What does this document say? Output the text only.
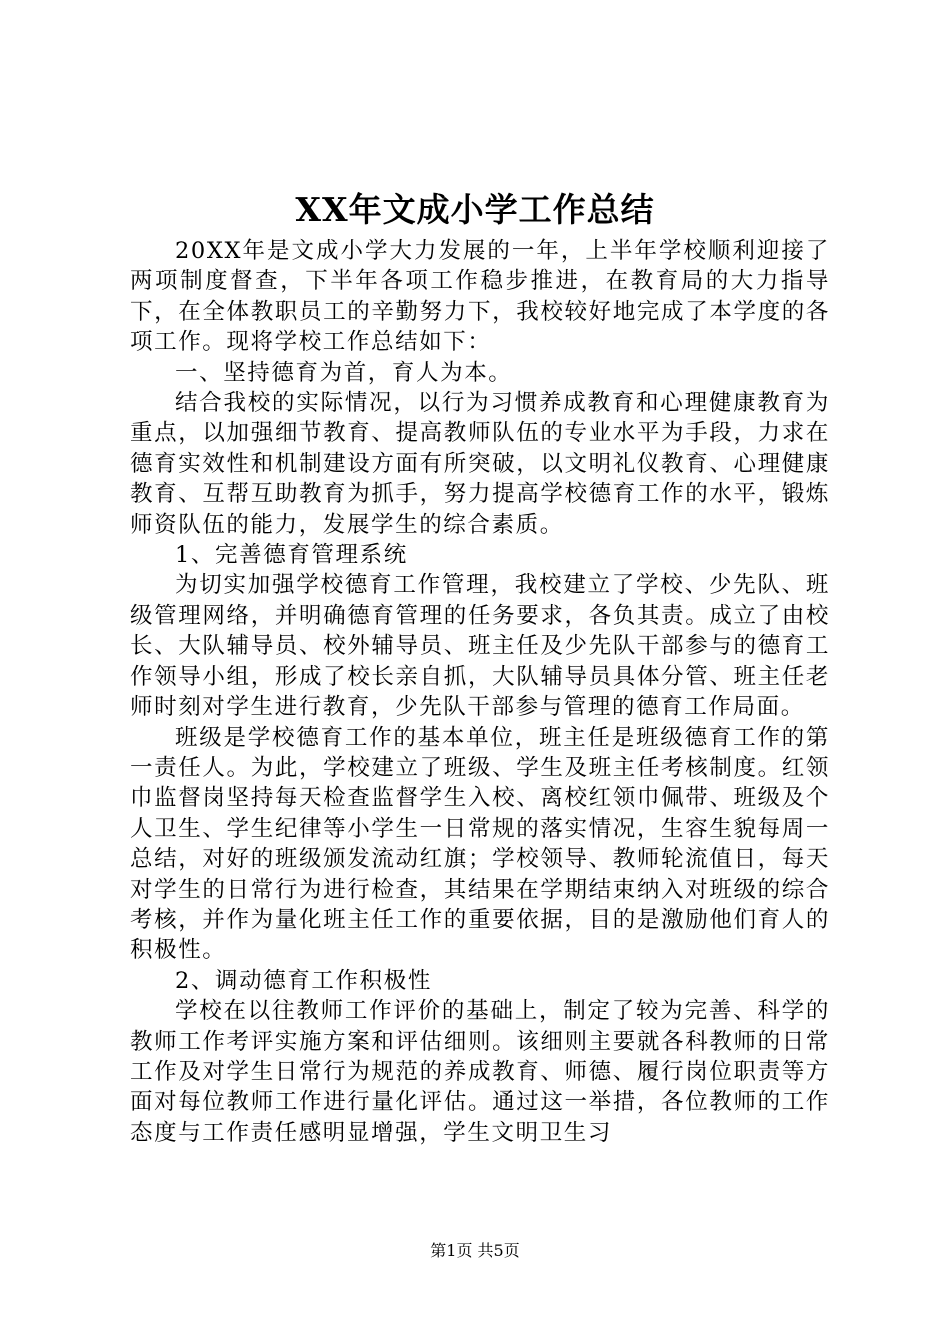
XX年文成小学工作总结

20XX年是文成小学大力发展的一年，上半年学校顺利迎接了两项制度督查，下半年各项工作稳步推进，在教育局的大力指导下，在全体教职员工的辛勤努力下，我校较好地完成了本学度的各项工作。现将学校工作总结如下：

一、坚持德育为首，育人为本。

结合我校的实际情况，以行为习惯养成教育和心理健康教育为重点，以加强细节教育、提高教师队伍的专业水平为手段，力求在德育实效性和机制建设方面有所突破，以文明礼仪教育、心理健康教育、互帮互助教育为抓手，努力提高学校德育工作的水平，锻炼师资队伍的能力，发展学生的综合素质。

1、完善德育管理系统

为切实加强学校德育工作管理，我校建立了学校、少先队、班级管理网络，并明确德育管理的任务要求，各负其责。成立了由校长、大队辅导员、校外辅导员、班主任及少先队干部参与的德育工作领导小组，形成了校长亲自抓，大队辅导员具体分管、班主任老师时刻对学生进行教育，少先队干部参与管理的德育工作局面。

班级是学校德育工作的基本单位，班主任是班级德育工作的第一责任人。为此，学校建立了班级、学生及班主任考核制度。红领巾监督岗坚持每天检查监督学生入校、离校红领巾佩带、班级及个人卫生、学生纪律等小学生一日常规的落实情况，生容生貌每周一总结，对好的班级颁发流动红旗；学校领导、教师轮流值日，每天对学生的日常行为进行检查，其结果在学期结束纳入对班级的综合考核，并作为量化班主任工作的重要依据，目的是激励他们育人的积极性。

2、调动德育工作积极性

学校在以往教师工作评价的基础上，制定了较为完善、科学的教师工作考评实施方案和评估细则。该细则主要就各科教师的日常工作及对学生日常行为规范的养成教育、师德、履行岗位职责等方面对每位教师工作进行量化评估。通过这一举措，各位教师的工作态度与工作责任感明显增强，学生文明卫生习

第1页 共5页
